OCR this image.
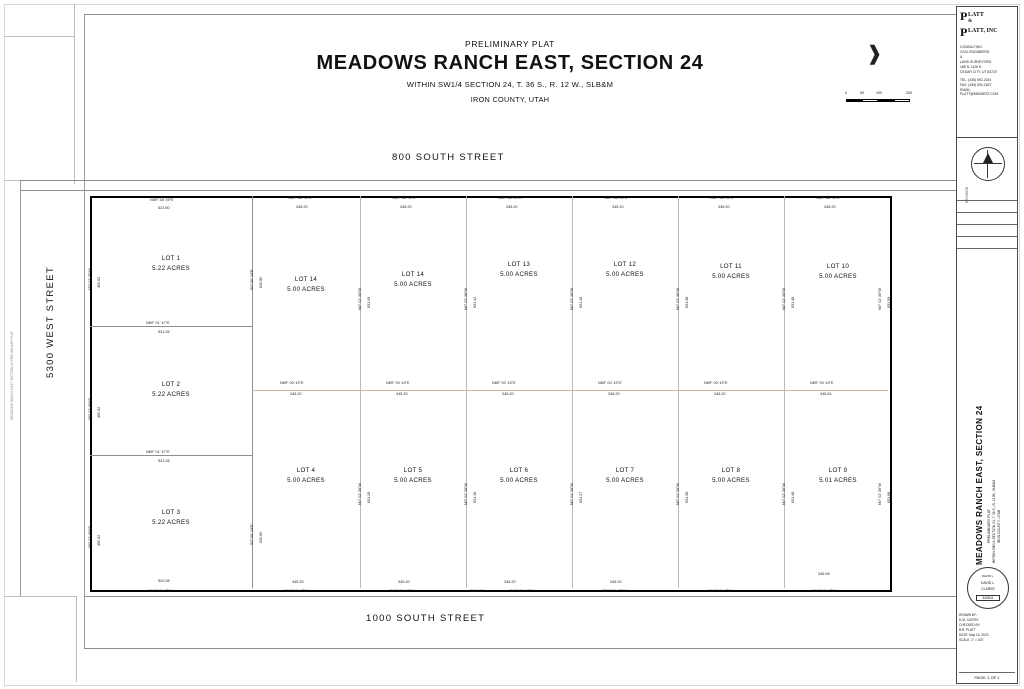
PRELIMINARY PLAT
MEADOWS RANCH EAST, SECTION 24
WITHIN SW1/4 SECTION 24, T. 36 S., R. 12 W., SLB&M
IRON COUNTY, UTAH
❱
0	50	100	200
800 SOUTH STREET
1000 SOUTH STREET
5300 WEST STREET
LOT 1
5.22 ACRES
LOT 2
5.22 ACRES
LOT 3
5.22 ACRES
LOT 14
5.00 ACRES
LOT 14
5.00 ACRES
LOT 13
5.00 ACRES
LOT 12
5.00 ACRES
LOT 11
5.00 ACRES
LOT 10
5.00 ACRES
LOT 4
5.00 ACRES
LOT 5
5.00 ACRES
LOT 6
5.00 ACRES
LOT 7
5.00 ACRES
LOT 8
5.00 ACRES
LOT 9
5.01 ACRES
N89° 58' 39"E
521.60
N89° 58' 39"E
345.20
N89° 58' 39"E
345.20
N89° 58' 39"E
345.20
N89° 58' 39"E
345.20
N89° 58' 39"E
345.20
N89° 58' 39"E
345.20
N89° 01' 47"E
541.26
N89° 01' 47"E
541.26
N89° 00' 43"E
345.20
N89° 00' 43"E
345.20
N89° 00' 43"E
345.20
N89° 00' 43"E
345.20
N89° 00' 43"E
345.20
N89° 00' 43"E
345.64
520.98
S89° 01' 47"W
345.20
S89° 01' 47"W
345.20
S89° 01' 47"W	2618.35	S89° 01' 47"W
345.20	345.20
S89° 01' 47"W	S89° 01' 47"W
346.08
S89° 01' 47"W
N0° 02' 36"W 450.62
N0° 02' 36"W 450.52
N0° 02' 36"W 450.62
S0° 00' 24"E 630.80
N0° 02' 36"W 631.06	N0° 02' 36"W 631.12	N0° 02' 36"W 631.18	N0° 02' 36"W 631.38	N0° 02' 36"W 631.48	N0° 02' 36"W 631.59
S0° 00' 24"E 630.80
N0° 02' 36"W 631.26	N0° 02' 36"W 631.16	N0° 02' 36"W 631.27	N0° 02' 36"W 631.38	N0° 02' 36"W 631.48	N0° 02' 36"W 631.68
MEADOWS RANCH EAST SECTION 24 PRELIMINARY PLAT
P LATT
&
P LATT, INC
CONSULTING
CIVIL ENGINEERS
&
LAND SURVEYORS
185 N. 1100 E.
CEDAR CITY, UT 84720
TEL: (435) 592-2151
FAX: (435) 592-2627
EMAIL:
PLATT@MIDWEST.COM
MEADOWS RANCH EAST, SECTION 24 PRELIMINARY PLAT WITHIN SW1/4 SECTION 24, T. 36 S., R. 12 W., SLB&M IRON COUNTY, UTAH
REVISION
DAVID L.
DAVID L.
CLARKE
343641
DRAWN BY:
D.M. CURTIS
CHECKED BY:
B.R. PLATT
DATE: May 14, 2023
SCALE: 1" = 100'
PAGE: 1 OF 1
